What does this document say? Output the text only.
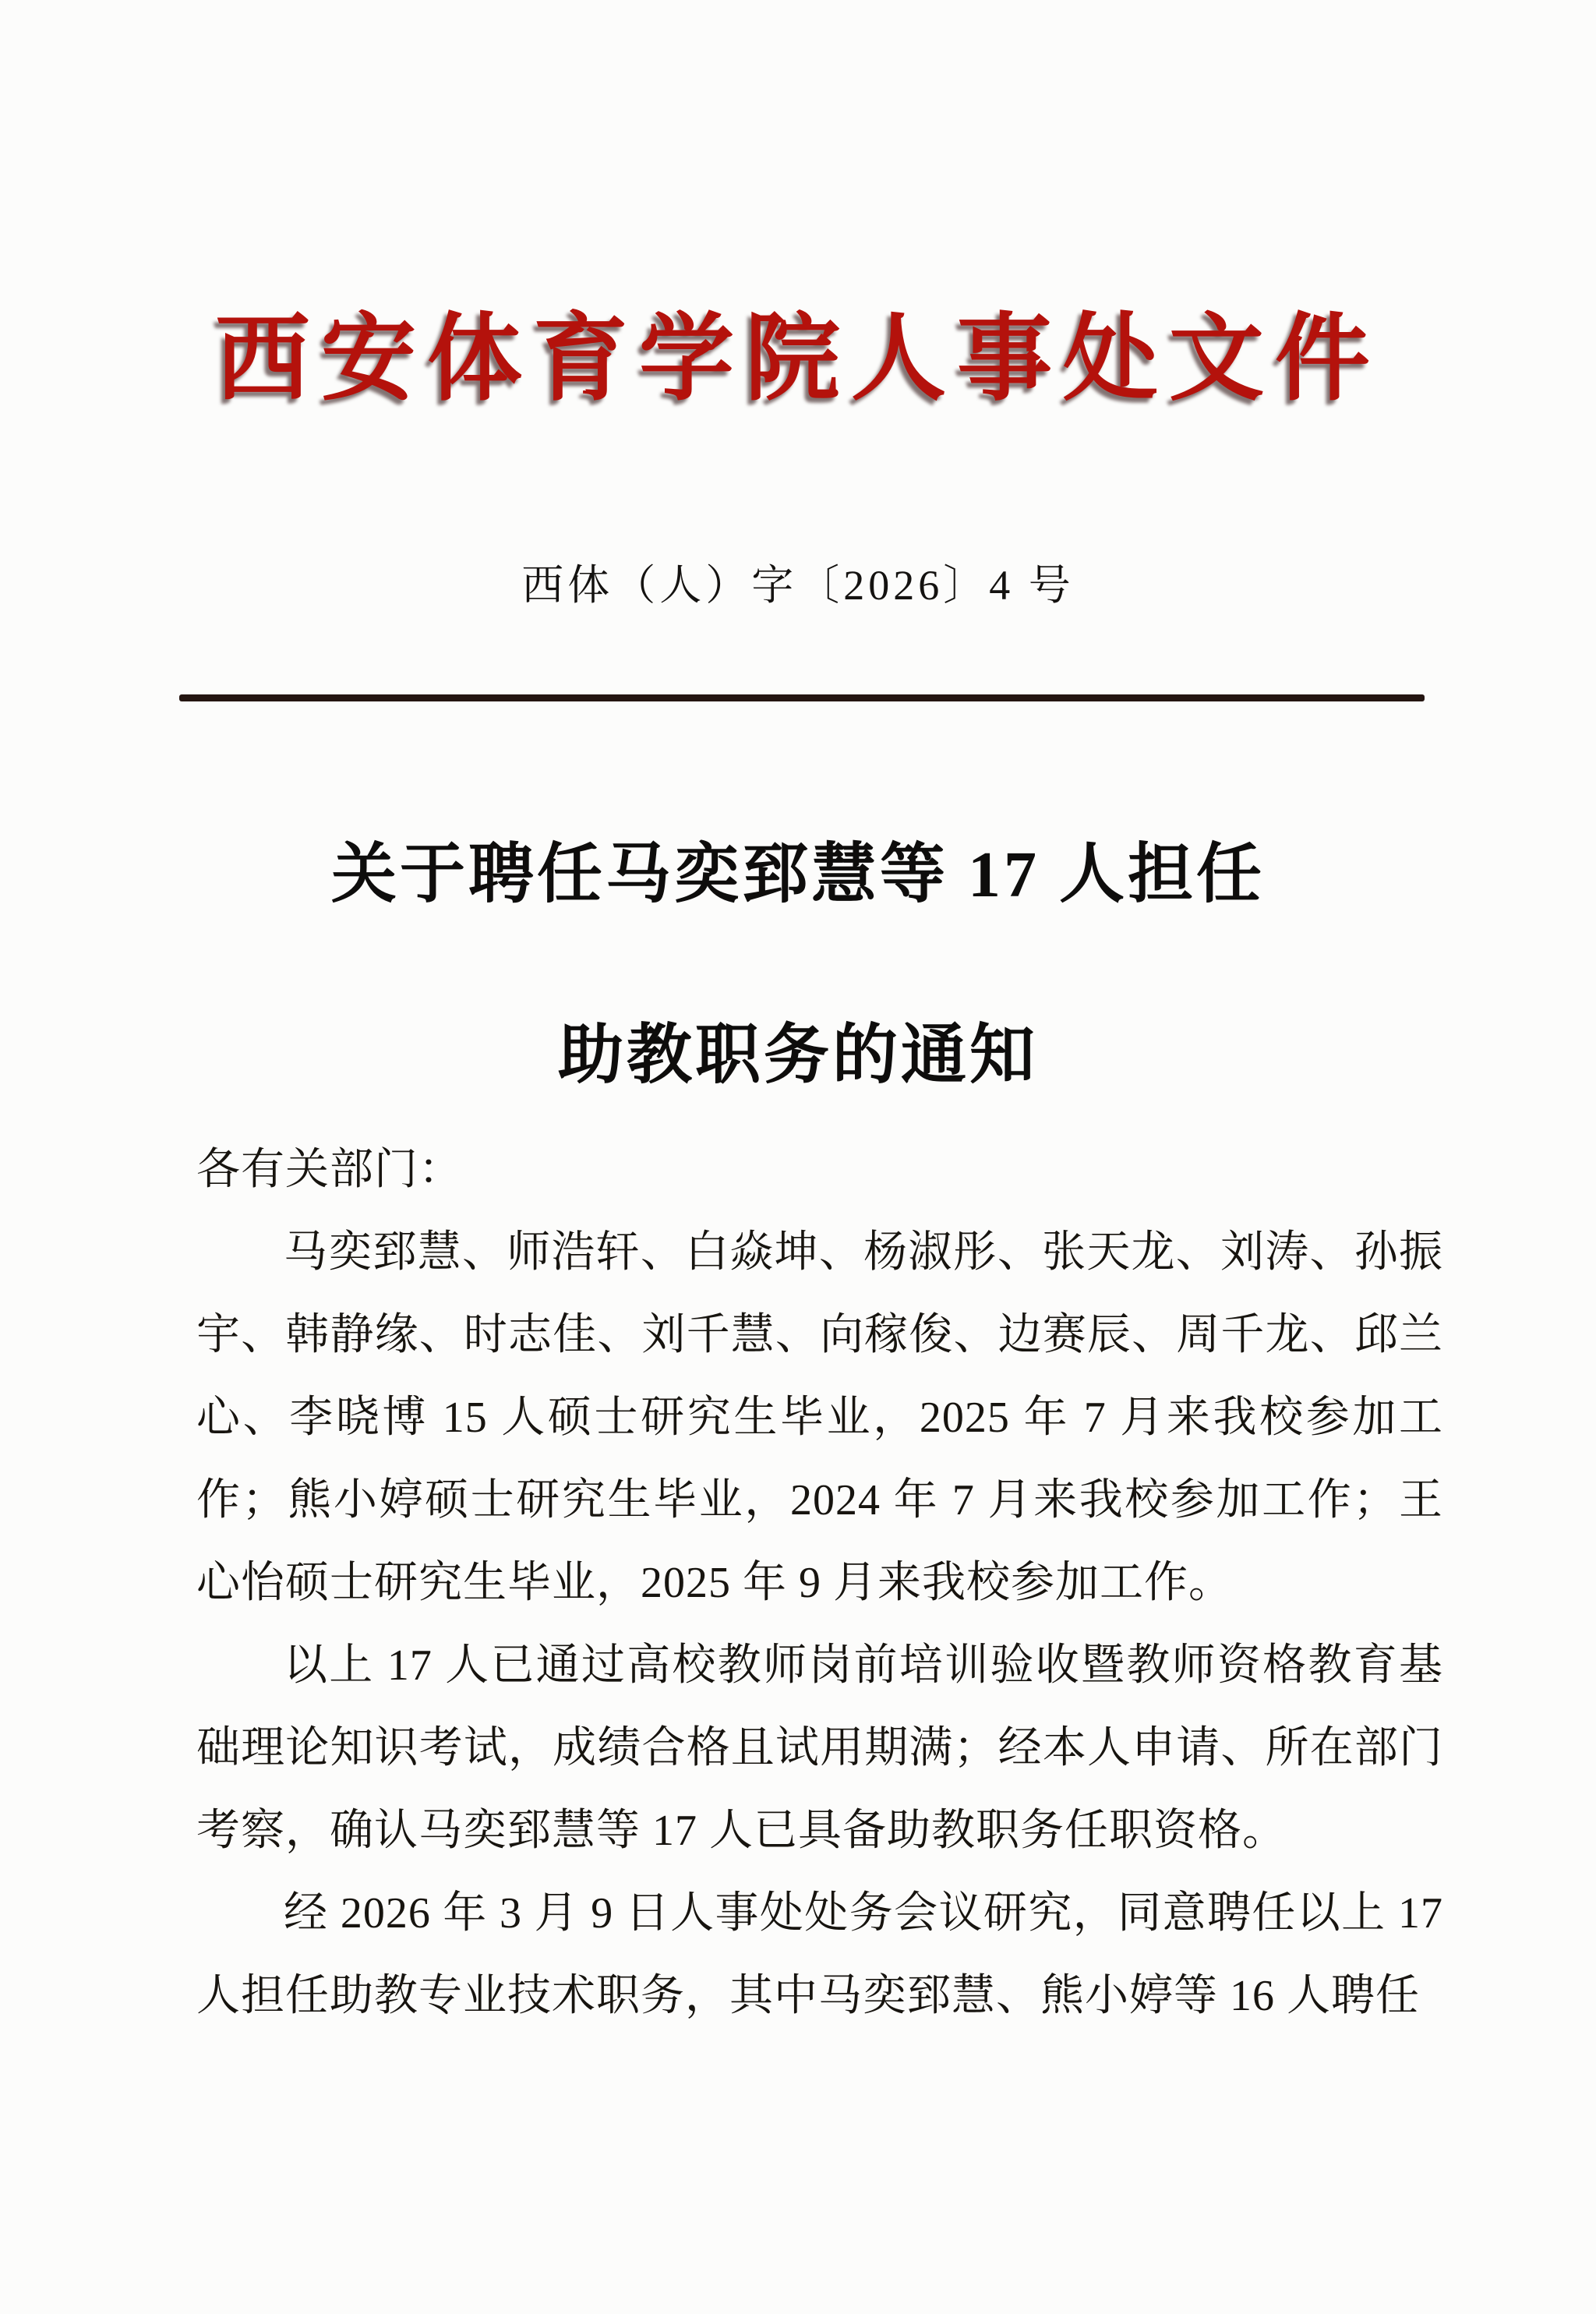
西安体育学院人事处文件
西体（人）字〔2026〕4 号
关于聘任马奕郅慧等 17 人担任
助教职务的通知

各有关部门：

马奕郅慧、师浩轩、白焱坤、杨淑彤、张天龙、刘涛、孙振宇、韩静缘、时志佳、刘千慧、向稼俊、边赛辰、周千龙、邱兰心、李晓博 15 人硕士研究生毕业，2025 年 7 月来我校参加工作；熊小婷硕士研究生毕业，2024 年 7 月来我校参加工作；王心怡硕士研究生毕业，2025 年 9 月来我校参加工作。

以上 17 人已通过高校教师岗前培训验收暨教师资格教育基础理论知识考试，成绩合格且试用期满；经本人申请、所在部门考察，确认马奕郅慧等 17 人已具备助教职务任职资格。

经 2026 年 3 月 9 日人事处处务会议研究，同意聘任以上 17 人担任助教专业技术职务，其中马奕郅慧、熊小婷等 16 人聘任
